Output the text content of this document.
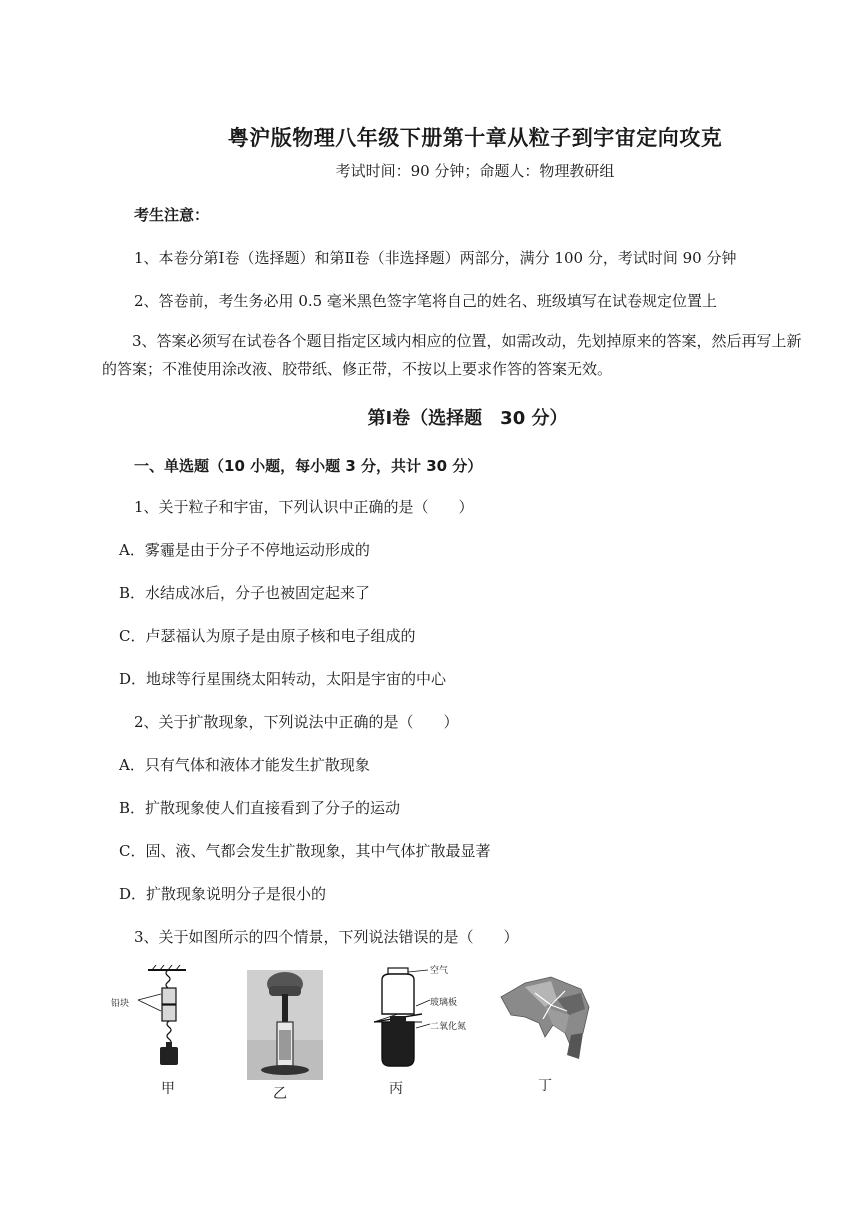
粤沪版物理八年级下册第十章从粒子到宇宙定向攻克
考试时间：90 分钟；命题人：物理教研组
考生注意：
1、本卷分第Ⅰ卷（选择题）和第Ⅱ卷（非选择题）两部分，满分 100 分，考试时间 90 分钟
2、答卷前，考生务必用 0.5 毫米黑色签字笔将自己的姓名、班级填写在试卷规定位置上
3、答案必须写在试卷各个题目指定区域内相应的位置，如需改动，先划掉原来的答案，然后再写上新的答案；不准使用涂改液、胶带纸、修正带，不按以上要求作答的答案无效。
第Ⅰ卷（选择题　30 分）
一、单选题（10 小题，每小题 3 分，共计 30 分）
1、关于粒子和宇宙，下列认识中正确的是（　　）
A．雾霾是由于分子不停地运动形成的
B．水结成冰后，分子也被固定起来了
C．卢瑟福认为原子是由原子核和电子组成的
D．地球等行星围绕太阳转动，太阳是宇宙的中心
2、关于扩散现象，下列说法中正确的是（　　）
A．只有气体和液体才能发生扩散现象
B．扩散现象使人们直接看到了分子的运动
C．固、液、气都会发生扩散现象，其中气体扩散最显著
D．扩散现象说明分子是很小的
3、关于如图所示的四个情景，下列说法错误的是（　　）
铅块
甲	乙
空气
玻璃板
二氧化氮
丙	丁
